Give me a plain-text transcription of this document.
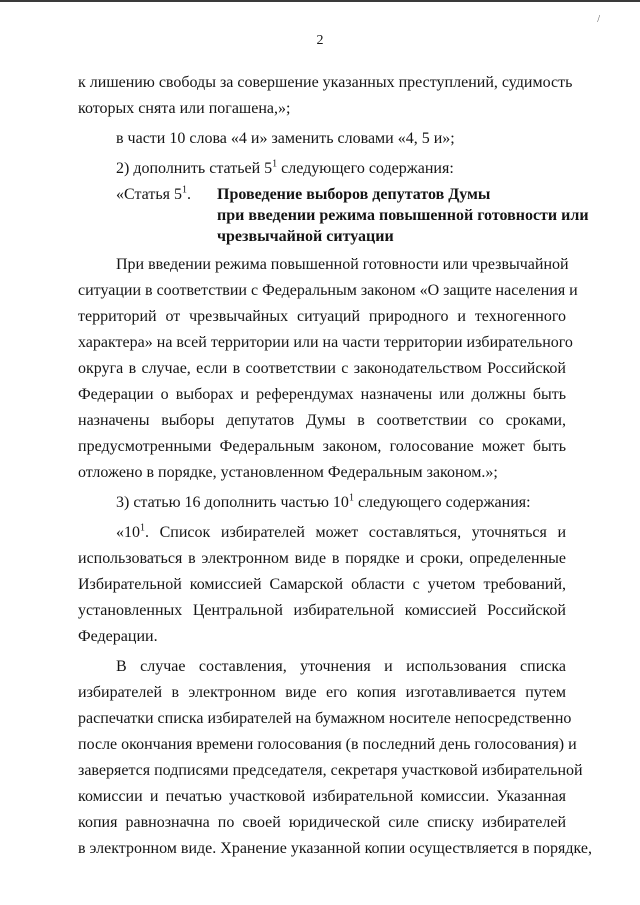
/
2
к лишению свободы за совершение указанных преступлений, судимость
которых снята или погашена,»;
в части 10 слова «4 и» заменить словами «4, 5 и»;
2) дополнить статьей $5^1$ следующего содержания:
«Статья $5^1$. Проведение выборов депутатов Думы
при введении режима повышенной готовности или
чрезвычайной ситуации
При введении режима повышенной готовности или чрезвычайной
ситуации в соответствии с Федеральным законом «О защите населения и
территорий от чрезвычайных ситуаций природного и техногенного
характера» на всей территории или на части территории избирательного
округа в случае, если в соответствии с законодательством Российской
Федерации о выборах и референдумах назначены или должны быть
назначены выборы депутатов Думы в соответствии со сроками,
предусмотренными Федеральным законом, голосование может быть
отложено в порядке, установленном Федеральным законом.»;
3) статью 16 дополнить частью $10^1$ следующего содержания:
«$10^1$. Список избирателей может составляться, уточняться и
использоваться в электронном виде в порядке и сроки, определенные
Избирательной комиссией Самарской области с учетом требований,
установленных Центральной избирательной комиссией Российской
Федерации.
В случае составления, уточнения и использования списка
избирателей в электронном виде его копия изготавливается путем
распечатки списка избирателей на бумажном носителе непосредственно
после окончания времени голосования (в последний день голосования) и
заверяется подписями председателя, секретаря участковой избирательной
комиссии и печатью участковой избирательной комиссии. Указанная
копия равнозначна по своей юридической силе списку избирателей
в электронном виде. Хранение указанной копии осуществляется в порядке,
